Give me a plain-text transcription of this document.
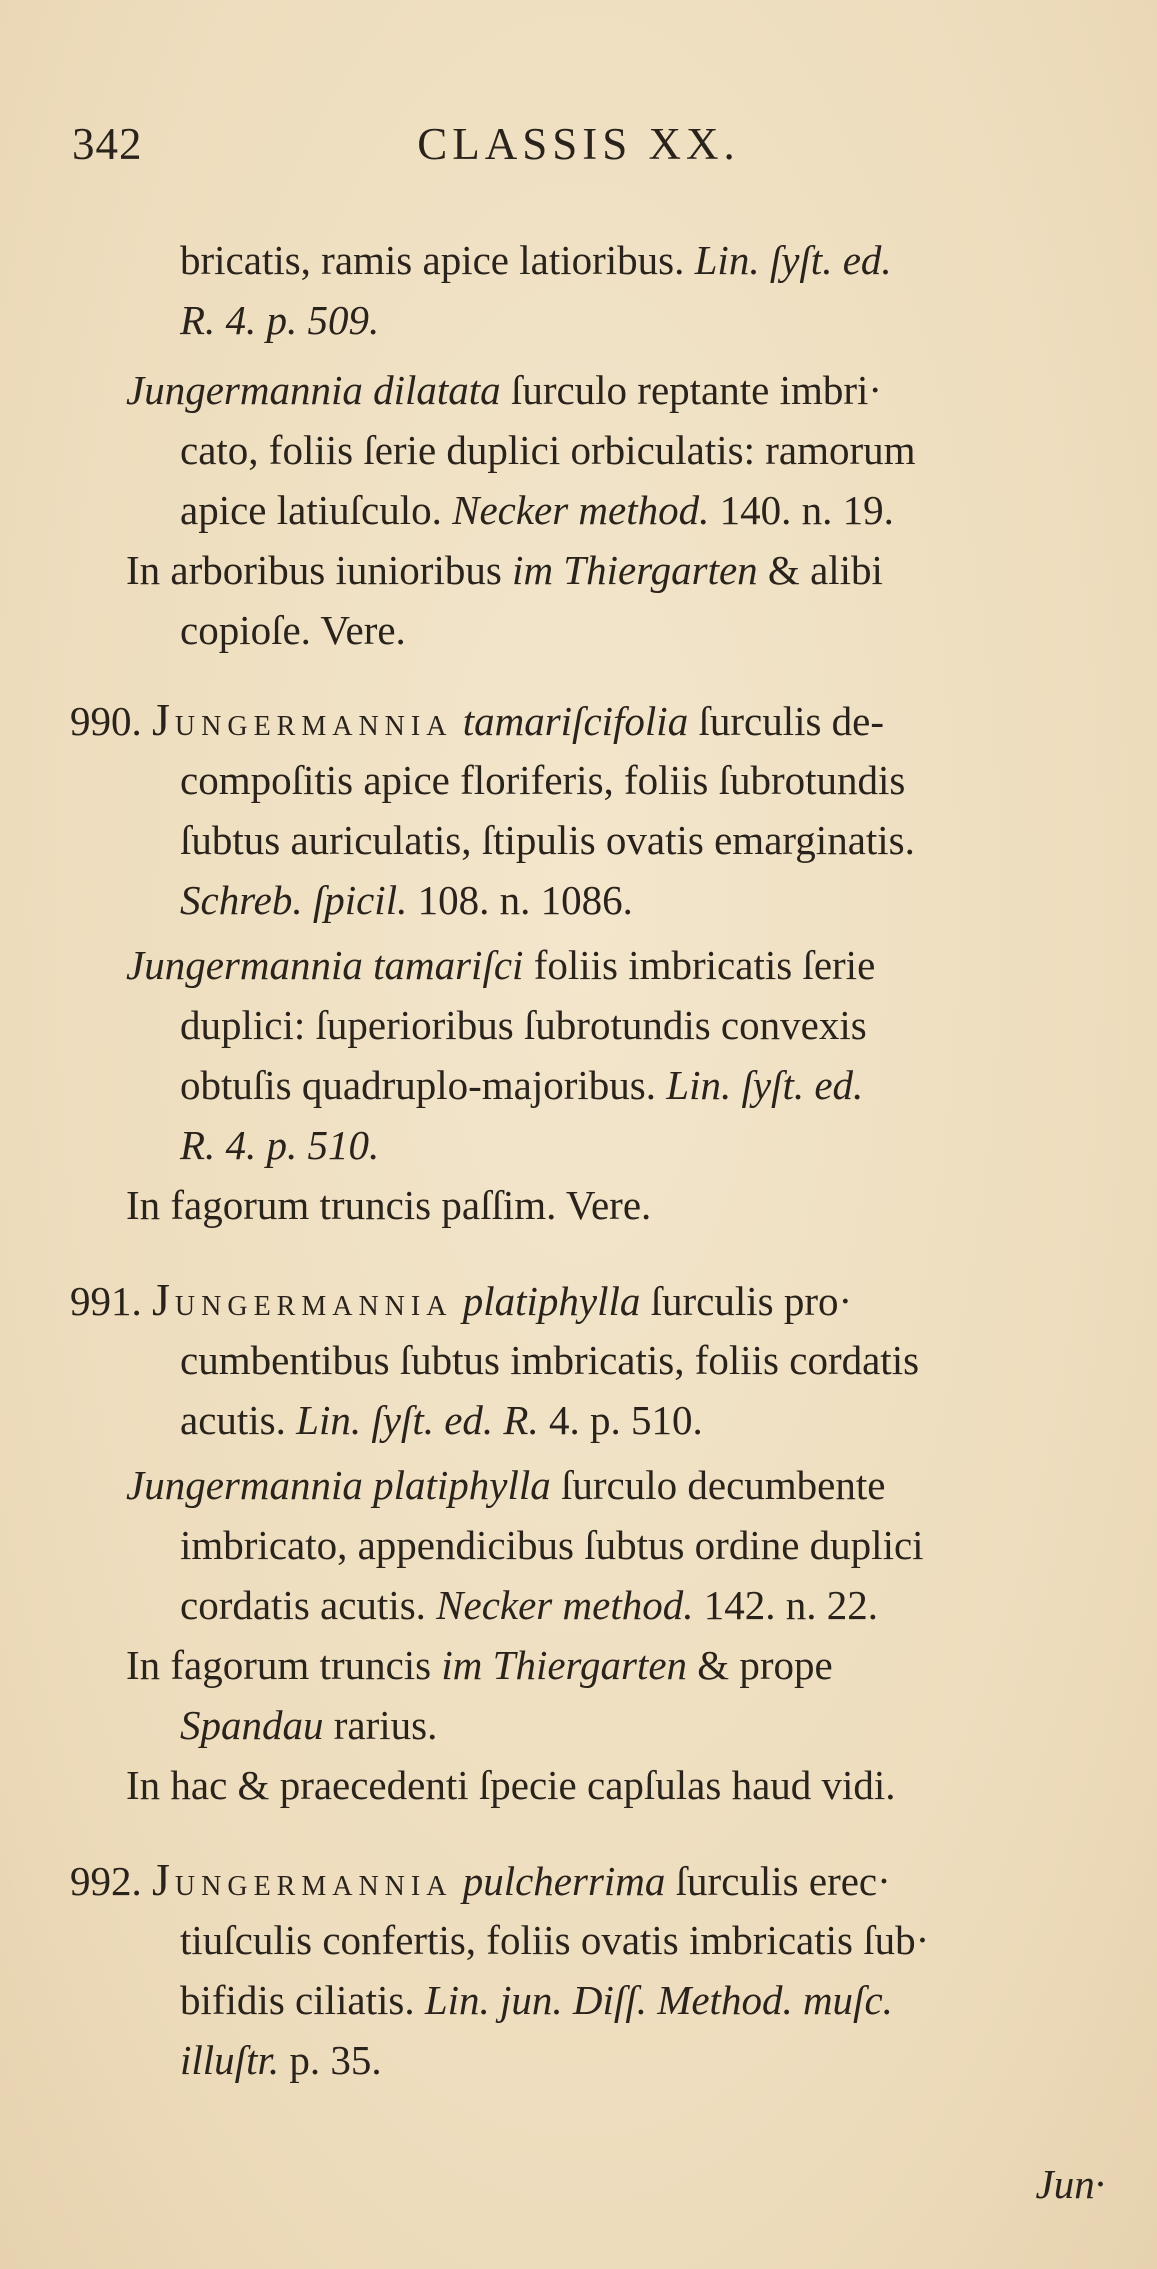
342	CLASSIS XX.
bricatis, ramis apice latioribus. Lin. ſyſt. ed.
R. 4. p. 509.
Jungermannia dilatata ſurculo reptante imbri·
cato, foliis ſerie duplici orbiculatis: ramorum
apice latiuſculo. Necker method. 140. n. 19.
In arboribus iunioribus im Thiergarten & alibi
copioſe. Vere.
990. JUNGERMANNIA tamariſcifolia ſurculis de-
compoſitis apice floriferis, foliis ſubrotundis
ſubtus auriculatis, ſtipulis ovatis emarginatis.
Schreb. ſpicil. 108. n. 1086.
Jungermannia tamariſci foliis imbricatis ſerie
duplici: ſuperioribus ſubrotundis convexis
obtuſis quadruplo-majoribus. Lin. ſyſt. ed.
R. 4. p. 510.
In fagorum truncis paſſim. Vere.
991. JUNGERMANNIA platiphylla ſurculis pro·
cumbentibus ſubtus imbricatis, foliis cordatis
acutis. Lin. ſyſt. ed. R. 4. p. 510.
Jungermannia platiphylla ſurculo decumbente
imbricato, appendicibus ſubtus ordine duplici
cordatis acutis. Necker method. 142. n. 22.
In fagorum truncis im Thiergarten & prope
Spandau rarius.
In hac & praecedenti ſpecie capſulas haud vidi.
992. JUNGERMANNIA pulcherrima ſurculis erec·
tiuſculis confertis, foliis ovatis imbricatis ſub·
bifidis ciliatis. Lin. jun. Diſſ. Method. muſc.
illuſtr. p. 35.
Jun·
